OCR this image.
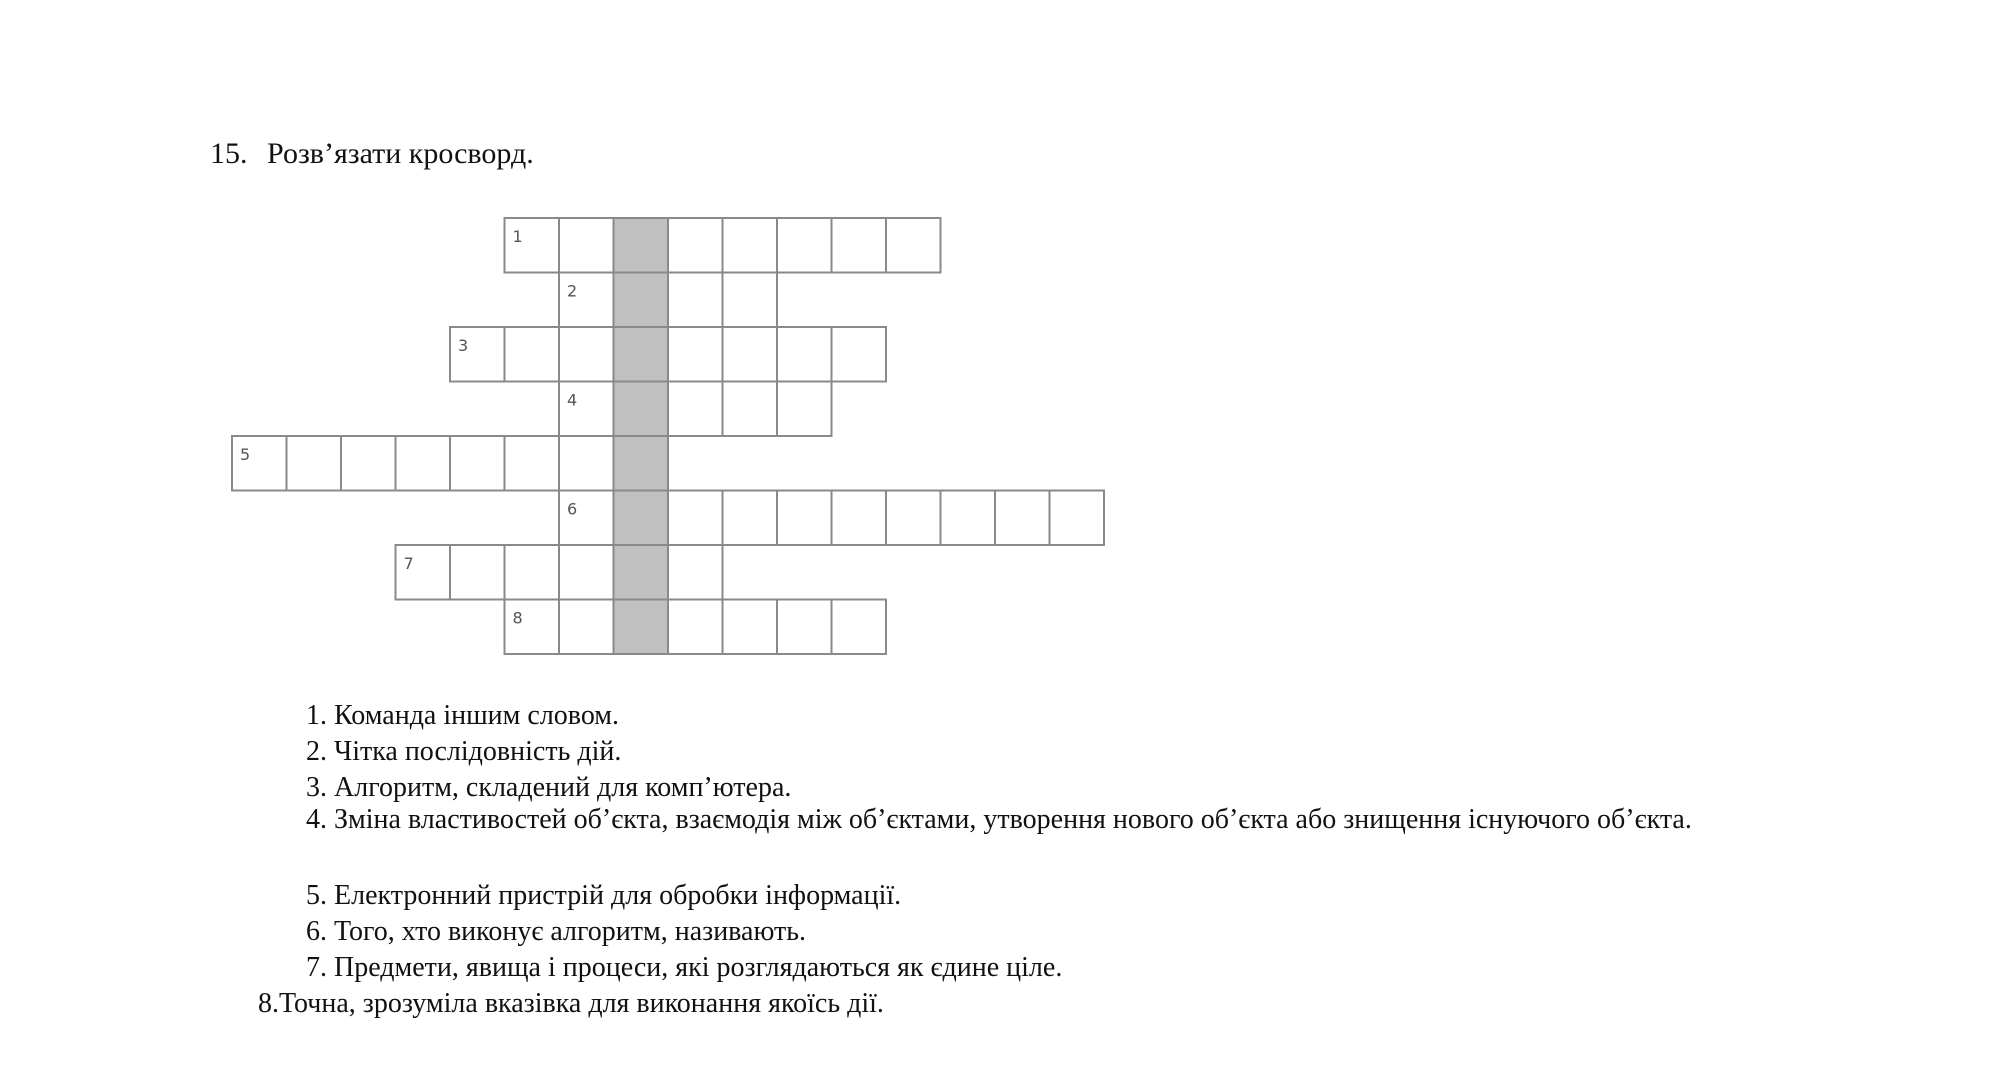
15. Розв’язати кросворд.
1
2
3
4
5
6
7
8
1. Команда іншим словом.
2. Чітка послідовність дій.
3. Алгоритм, складений для комп’ютера.
4. Зміна властивостей об’єкта, взаємодія між об’єктами, утворення нового об’єкта або знищення існуючого об’єкта.
5. Електронний пристрій для обробки інформації.
6. Того, хто виконує алгоритм, називають.
7. Предмети, явища і процеси, які розглядаються як єдине ціле.
8.Точна, зрозуміла вказівка для виконання якоїсь дії.
